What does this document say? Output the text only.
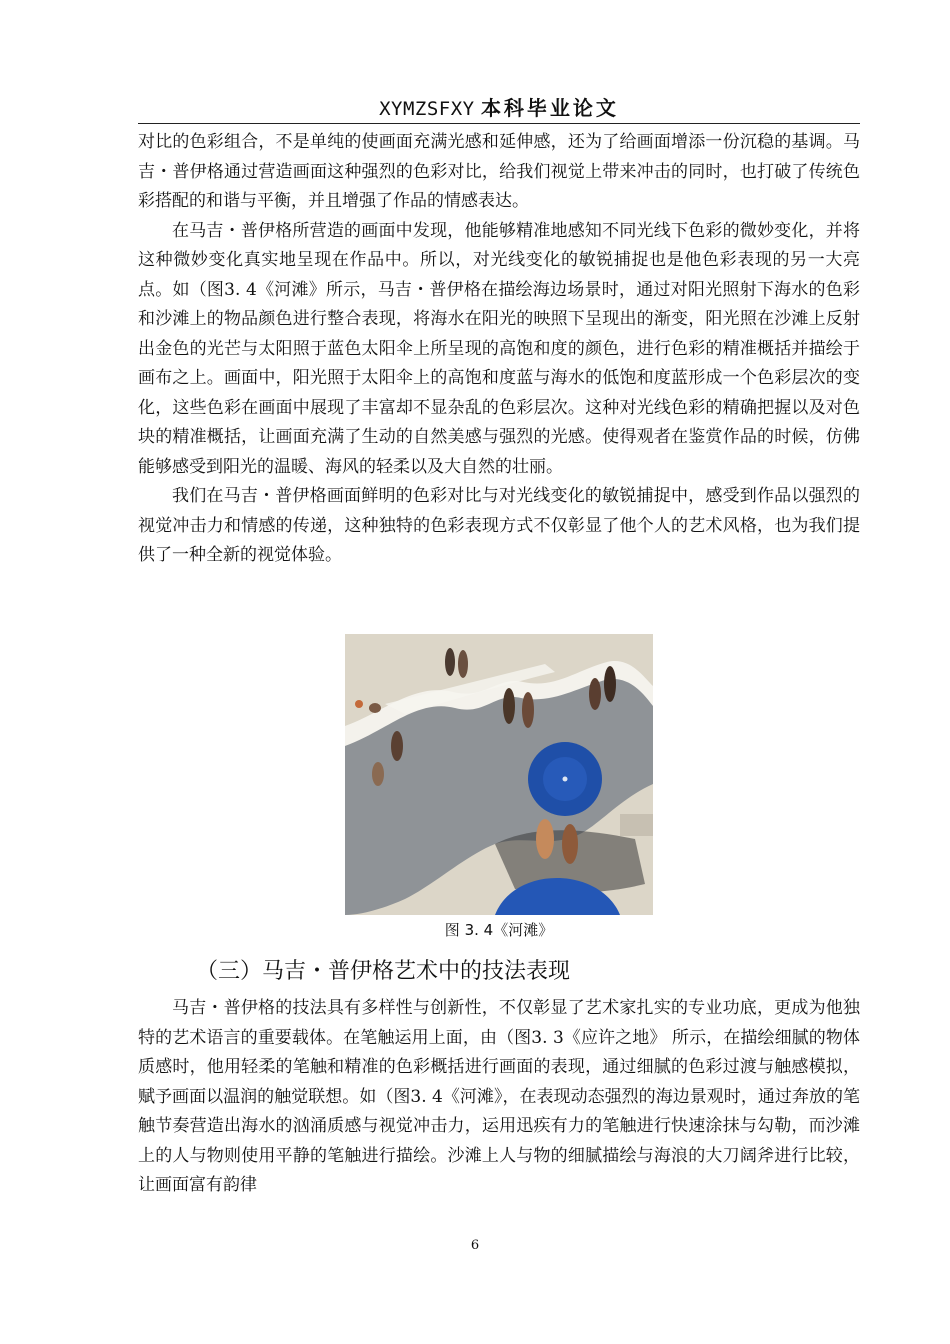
XYMZSFXY 本科毕业论文

对比的色彩组合，不是单纯的使画面充满光感和延伸感，还为了给画面增添一份沉稳的基调。马吉・普伊格通过营造画面这种强烈的色彩对比，给我们视觉上带来冲击的同时，也打破了传统色彩搭配的和谐与平衡，并且增强了作品的情感表达。

在马吉・普伊格所营造的画面中发现，他能够精准地感知不同光线下色彩的微妙变化，并将这种微妙变化真实地呈现在作品中。所以，对光线变化的敏锐捕捉也是他色彩表现的另一大亮点。如（图3. 4《河滩》所示，马吉・普伊格在描绘海边场景时，通过对阳光照射下海水的色彩和沙滩上的物品颜色进行整合表现，将海水在阳光的映照下呈现出的渐变，阳光照在沙滩上反射出金色的光芒与太阳照于蓝色太阳伞上所呈现的高饱和度的颜色，进行色彩的精准概括并描绘于画布之上。画面中，阳光照于太阳伞上的高饱和度蓝与海水的低饱和度蓝形成一个色彩层次的变化，这些色彩在画面中展现了丰富却不显杂乱的色彩层次。这种对光线色彩的精确把握以及对色块的精准概括，让画面充满了生动的自然美感与强烈的光感。使得观者在鉴赏作品的时候，仿佛能够感受到阳光的温暖、海风的轻柔以及大自然的壮丽。

我们在马吉・普伊格画面鲜明的色彩对比与对光线变化的敏锐捕捉中，感受到作品以强烈的视觉冲击力和情感的传递，这种独特的色彩表现方式不仅彰显了他个人的艺术风格，也为我们提供了一种全新的视觉体验。

图 3. 4《河滩》
（三）马吉・普伊格艺术中的技法表现

马吉・普伊格的技法具有多样性与创新性，不仅彰显了艺术家扎实的专业功底，更成为他独特的艺术语言的重要载体。在笔触运用上面，由（图3. 3《应许之地》 所示，在描绘细腻的物体质感时，他用轻柔的笔触和精准的色彩概括进行画面的表现，通过细腻的色彩过渡与触感模拟，赋予画面以温润的触觉联想。如（图3. 4《河滩》，在表现动态强烈的海边景观时，通过奔放的笔触节奏营造出海水的汹涌质感与视觉冲击力，运用迅疾有力的笔触进行快速涂抹与勾勒，而沙滩上的人与物则使用平静的笔触进行描绘。沙滩上人与物的细腻描绘与海浪的大刀阔斧进行比较，让画面富有韵律

6
